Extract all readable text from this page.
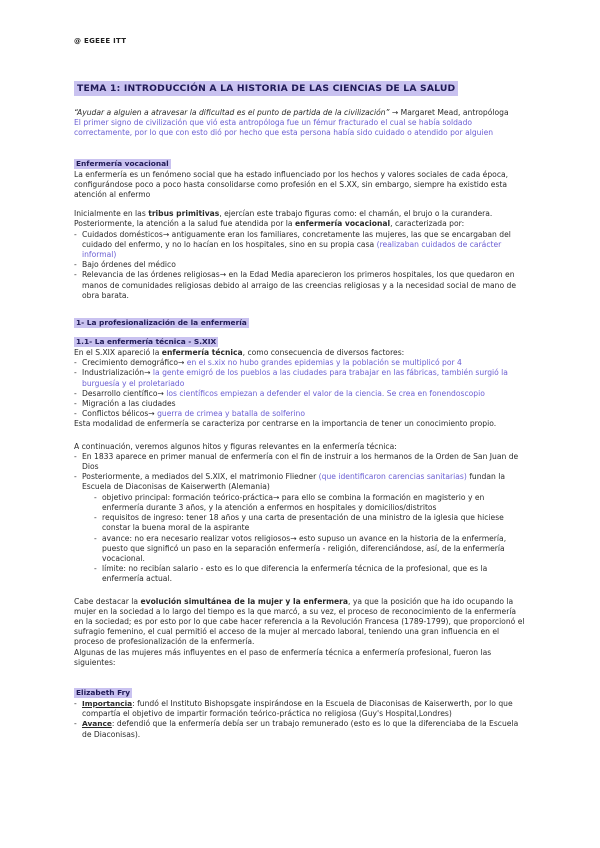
@ EGEEE ITT
TEMA 1: INTRODUCCIÓN A LA HISTORIA DE LAS CIENCIAS DE LA SALUD

“Ayudar a alguien a atravesar la dificultad es el punto de partida de la civilización” → Margaret Mead, antropóloga

El primer signo de civilización que vió esta antropóloga fue un fémur fracturado el cual se había soldado correctamente, por lo que con esto dió por hecho que esta persona había sido cuidado o atendido por alguien

Enfermería vocacional

La enfermería es un fenómeno social que ha estado influenciado por los hechos y valores sociales de cada época, configurándose poco a poco hasta consolidarse como profesión en el S.XX, sin embargo, siempre ha existido esta atención al enfermo

Inicialmente en las tribus primitivas, ejercían este trabajo figuras como: el chamán, el brujo o la curandera. Posteriormente, la atención a la salud fue atendida por la enfermería vocacional, caracterizada por:

- Cuidados domésticos→ antiguamente eran los familiares, concretamente las mujeres, las que se encargaban del cuidado del enfermo, y no lo hacían en los hospitales, sino en su propia casa (realizaban cuidados de carácter informal)
- Bajo órdenes del médico
- Relevancia de las órdenes religiosas→ en la Edad Media aparecieron los primeros hospitales, los que quedaron en manos de comunidades religiosas debido al arraigo de las creencias religiosas y a la necesidad social de mano de obra barata.
1- La profesionalización de la enfermería
1.1- La enfermería técnica - S.XIX

En el S.XIX apareció la enfermería técnica, como consecuencia de diversos factores:

- Crecimiento demográfico→ en el s.xix no hubo grandes epidemias y la población se multiplicó por 4
- Industrialización→ la gente emigró de los pueblos a las ciudades para trabajar en las fábricas, también surgió la burguesía y el proletariado
- Desarrollo científico→ los científicos empiezan a defender el valor de la ciencia. Se crea en fonendoscopio
- Migración a las ciudades
- Conflictos bélicos→ guerra de crimea y batalla de solferino

Esta modalidad de enfermería se caracteriza por centrarse en la importancia de tener un conocimiento propio.

A continuación, veremos algunos hitos y figuras relevantes en la enfermería técnica:

- En 1833 aparece en primer manual de enfermería con el fin de instruir a los hermanos de la Orden de San Juan de Dios
- Posteriormente, a mediados del S.XIX, el matrimonio Fliedner (que identificaron carencias sanitarias) fundan la Escuela de Diaconisas de Kaiserwerth (Alemania)
- objetivo principal: formación teórico-práctica→ para ello se combina la formación en magisterio y en enfermería durante 3 años, y la atención a enfermos en hospitales y domicilios/distritos
- requisitos de ingreso: tener 18 años y una carta de presentación de una ministro de la iglesia que hiciese constar la buena moral de la aspirante
- avance: no era necesario realizar votos religiosos→ esto supuso un avance en la historia de la enfermería, puesto que significó un paso en la separación enfermería - religión, diferenciándose, así, de la enfermería vocacional.
- límite: no recibían salario - esto es lo que diferencia la enfermería técnica de la profesional, que es la enfermería actual.

Cabe destacar la evolución simultánea de la mujer y la enfermera, ya que la posición que ha ido ocupando la mujer en la sociedad a lo largo del tiempo es la que marcó, a su vez, el proceso de reconocimiento de la enfermería en la sociedad; es por esto por lo que cabe hacer referencia a la Revolución Francesa (1789-1799), que proporcionó el sufragio femenino, el cual permitió el acceso de la mujer al mercado laboral, teniendo una gran influencia en el proceso de profesionalización de la enfermería.

Algunas de las mujeres más influyentes en el paso de enfermería técnica a enfermería profesional, fueron las siguientes:

Elizabeth Fry
- Importancia: fundó el Instituto Bishopsgate inspirándose en la Escuela de Diaconisas de Kaiserwerth, por lo que compartía el objetivo de impartir formación teórico-práctica no religiosa (Guy's Hospital,Londres)
- Avance: defendió que la enfermería debía ser un trabajo remunerado (esto es lo que la diferenciaba de la Escuela de Diaconisas).
